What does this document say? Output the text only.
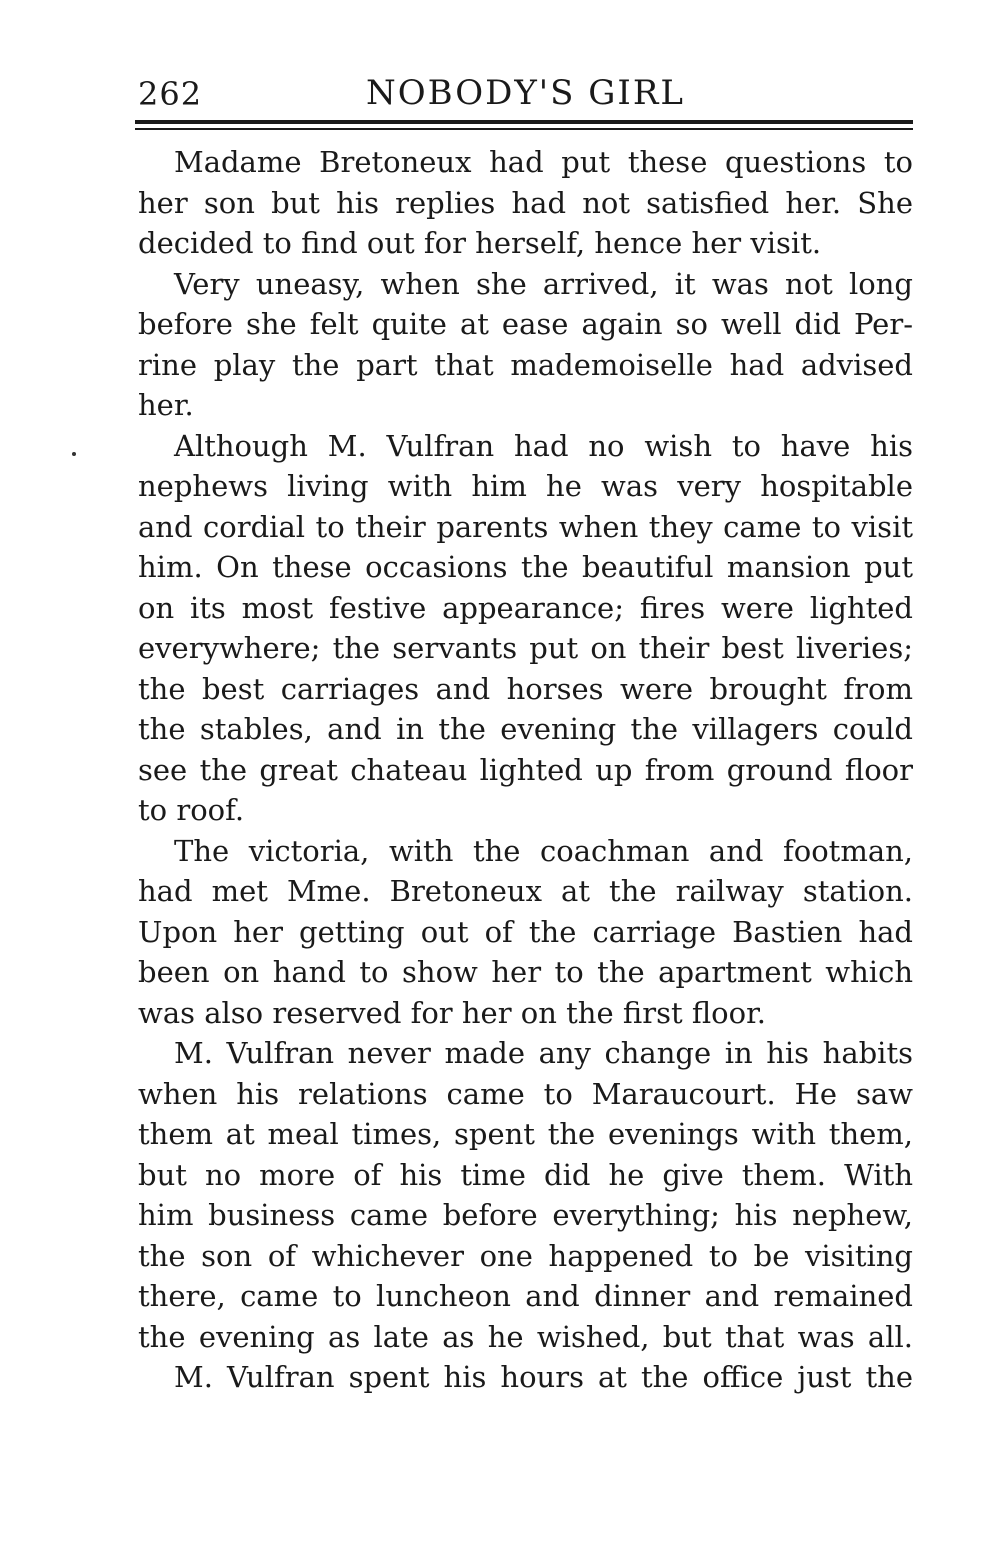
262	NOBODY'S GIRL
Madame Bretoneux had put these questions to
her son but his replies had not satisfied her. She
decided to find out for herself, hence her visit.
Very uneasy, when she arrived, it was not long
before she felt quite at ease again so well did Per-
rine play the part that mademoiselle had advised
her.
Although M. Vulfran had no wish to have his
nephews living with him he was very hospitable
and cordial to their parents when they came to visit
him. On these occasions the beautiful mansion put
on its most festive appearance; fires were lighted
everywhere; the servants put on their best liveries;
the best carriages and horses were brought from
the stables, and in the evening the villagers could
see the great chateau lighted up from ground floor
to roof.
The victoria, with the coachman and footman,
had met Mme. Bretoneux at the railway station.
Upon her getting out of the carriage Bastien had
been on hand to show her to the apartment which
was also reserved for her on the first floor.
M. Vulfran never made any change in his habits
when his relations came to Maraucourt. He saw
them at meal times, spent the evenings with them,
but no more of his time did he give them. With
him business came before everything; his nephew,
the son of whichever one happened to be visiting
there, came to luncheon and dinner and remained
the evening as late as he wished, but that was all.
M. Vulfran spent his hours at the office just the
